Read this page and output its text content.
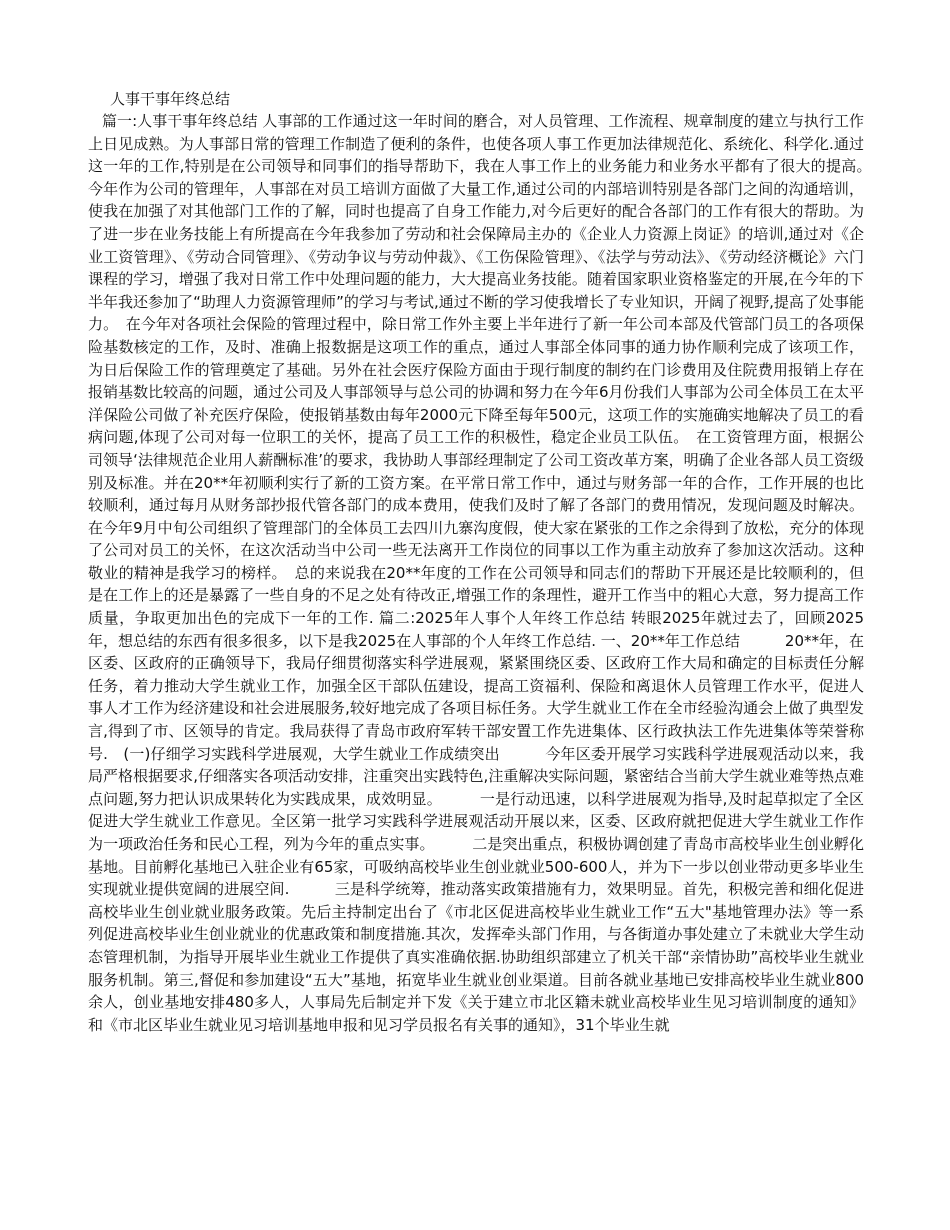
人事干事年终总结

篇一:人事干事年终总结 人事部的工作通过这一年时间的磨合，对人员管理、工作流程、规章制度的建立与执行工作上日见成熟。为人事部日常的管理工作制造了便利的条件，也使各项人事工作更加法律规范化、系统化、科学化.通过这一年的工作,特别是在公司领导和同事们的指导帮助下，我在人事工作上的业务能力和业务水平都有了很大的提高。　今年作为公司的管理年，人事部在对员工培训方面做了大量工作,通过公司的内部培训特别是各部门之间的沟通培训，使我在加强了对其他部门工作的了解，同时也提高了自身工作能力,对今后更好的配合各部门的工作有很大的帮助。为了进一步在业务技能上有所提高在今年我参加了劳动和社会保障局主办的《企业人力资源上岗证》的培训,通过对《企业工资管理》、《劳动合同管理》、《劳动争议与劳动仲裁》、《工伤保险管理》、《法学与劳动法》、《劳动经济概论》六门课程的学习，增强了我对日常工作中处理问题的能力，大大提高业务技能。随着国家职业资格鉴定的开展,在今年的下半年我还参加了“助理人力资源管理师”的学习与考试,通过不断的学习使我增长了专业知识，开阔了视野,提高了处事能力。　在今年对各项社会保险的管理过程中，除日常工作外主要上半年进行了新一年公司本部及代管部门员工的各项保险基数核定的工作，及时、准确上报数据是这项工作的重点，通过人事部全体同事的通力协作顺利完成了该项工作，为日后保险工作的管理奠定了基础。另外在社会医疗保险方面由于现行制度的制约在门诊费用及住院费用报销上存在报销基数比较高的问题，通过公司及人事部领导与总公司的协调和努力在今年6月份我们人事部为公司全体员工在太平洋保险公司做了补充医疗保险，使报销基数由每年2000元下降至每年500元，这项工作的实施确实地解决了员工的看病问题,体现了公司对每一位职工的关怀，提高了员工工作的积极性，稳定企业员工队伍。　在工资管理方面，根据公司领导‘法律规范企业用人薪酬标准’的要求，我协助人事部经理制定了公司工资改革方案，明确了企业各部人员工资级别及标准。并在20**年初顺利实行了新的工资方案。在平常日常工作中，通过与财务部一年的合作，工作开展的也比较顺利，通过每月从财务部抄报代管各部门的成本费用，使我们及时了解了各部门的费用情况，发现问题及时解决。在今年9月中旬公司组织了管理部门的全体员工去四川九寨沟度假，使大家在紧张的工作之余得到了放松，充分的体现了公司对员工的关怀，在这次活动当中公司一些无法离开工作岗位的同事以工作为重主动放弃了参加这次活动。这种敬业的精神是我学习的榜样。　总的来说我在20**年度的工作在公司领导和同志们的帮助下开展还是比较顺利的，但是在工作上的还是暴露了一些自身的不足之处有待改正,增强工作的条理性，避开工作当中的粗心大意，努力提高工作质量，争取更加出色的完成下一年的工作. 篇二:2025年人事个人年终工作总结 转眼2025年就过去了，回顾2025年，想总结的东西有很多很多，以下是我2025在人事部的个人年终工作总结. 一、20**年工作总结　　　20**年，在区委、区政府的正确领导下，我局仔细贯彻落实科学进展观，紧紧围绕区委、区政府工作大局和确定的目标责任分解任务，着力推动大学生就业工作，加强全区干部队伍建设，提高工资福利、保险和离退休人员管理工作水平，促进人事人才工作为经济建设和社会进展服务,较好地完成了各项目标任务。大学生就业工作在全市经验沟通会上做了典型发言,得到了市、区领导的肯定。我局获得了青岛市政府军转干部安置工作先进集体、区行政执法工作先进集体等荣誉称号.　(一)仔细学习实践科学进展观，大学生就业工作成绩突出　　　今年区委开展学习实践科学进展观活动以来，我局严格根据要求,仔细落实各项活动安排，注重突出实践特色,注重解决实际问题，紧密结合当前大学生就业难等热点难点问题,努力把认识成果转化为实践成果，成效明显。　　　一是行动迅速，以科学进展观为指导,及时起草拟定了全区促进大学生就业工作意见。全区第一批学习实践科学进展观活动开展以来，区委、区政府就把促进大学生就业工作作为一项政治任务和民心工程，列为今年的重点实事。　　　二是突出重点，积极协调创建了青岛市高校毕业生创业孵化基地。目前孵化基地已入驻企业有65家，可吸纳高校毕业生创业就业500-600人，并为下一步以创业带动更多毕业生实现就业提供宽阔的进展空间.　　　三是科学统筹，推动落实政策措施有力，效果明显。首先，积极完善和细化促进高校毕业生创业就业服务政策。先后主持制定出台了《市北区促进高校毕业生就业工作“五大"基地管理办法》等一系列促进高校毕业生创业就业的优惠政策和制度措施.其次，发挥牵头部门作用，与各街道办事处建立了未就业大学生动态管理机制，为指导开展毕业生就业工作提供了真实准确依据.协助组织部建立了机关干部“亲情协助”高校毕业生就业服务机制。第三,督促和参加建设“五大”基地，拓宽毕业生就业创业渠道。目前各就业基地已安排高校毕业生就业800余人，创业基地安排480多人，人事局先后制定并下发《关于建立市北区籍未就业高校毕业生见习培训制度的通知》和《市北区毕业生就业见习培训基地申报和见习学员报名有关事的通知》，31个毕业生就
